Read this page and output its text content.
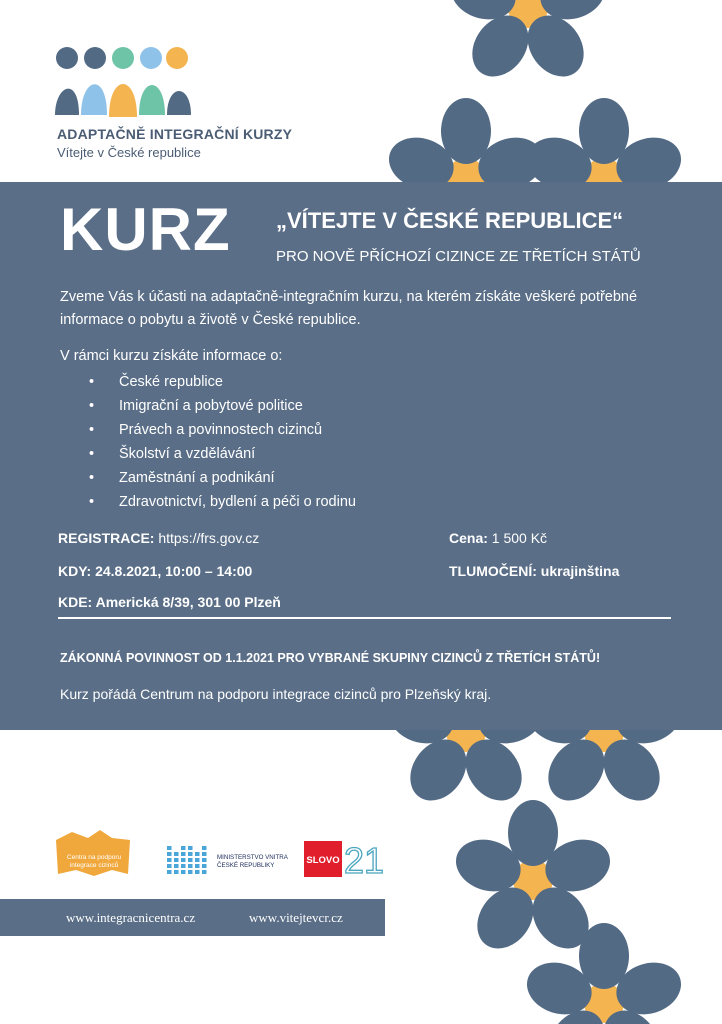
ADAPTAČNĚ INTEGRAČNÍ KURZY
Vítejte v České republice
KURZ „VÍTEJTE V ČESKÉ REPUBLICE“
PRO NOVĚ PŘÍCHOZÍ CIZINCE ZE TŘETÍCH STÁTŮ
Zveme Vás k účasti na adaptačně-integračním kurzu, na kterém získáte veškeré potřebné informace o pobytu a životě v České republice.
V rámci kurzu získáte informace o:
• České republice
• Imigrační a pobytové politice
• Právech a povinnostech cizinců
• Školství a vzdělávání
• Zaměstnání a podnikání
• Zdravotnictví, bydlení a péči o rodinu
REGISTRACE: https://frs.gov.cz	Cena: 1 500 Kč
KDY: 24.8.2021, 10:00 – 14:00	TLUMOČENÍ: ukrajinština
KDE: Americká 8/39, 301 00 Plzeň
ZÁKONNÁ POVINNOST OD 1.1.2021 PRO VYBRANÉ SKUPINY CIZINCŮ Z TŘETÍCH STÁTŮ!
Kurz pořádá Centrum na podporu integrace cizinců pro Plzeňský kraj.
Centra na podporu
integrace cizinců
MINISTERSTVO VNITRA
ČESKÉ REPUBLIKY	SLOVO 21
www.integracnicentra.cz	www.vitejtevcr.cz
